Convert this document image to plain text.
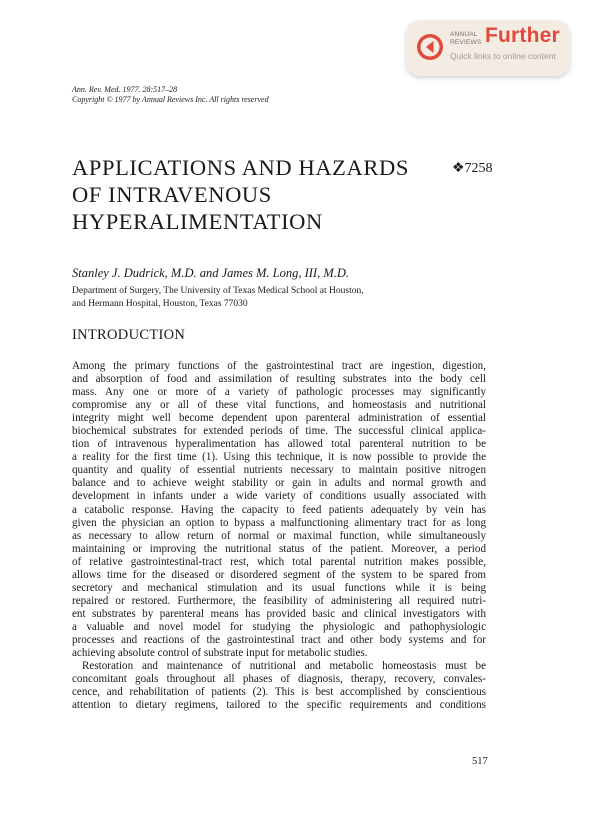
ANNUAL
REVIEWS Further
Quick links to online content
Ann. Rev. Med. 1977. 28:517–28
Copyright © 1977 by Annual Reviews Inc. All rights reserved
APPLICATIONS AND HAZARDS
OF INTRAVENOUS
HYPERALIMENTATION
❖7258
Stanley J. Dudrick, M.D. and James M. Long, III, M.D.
Department of Surgery, The University of Texas Medical School at Houston,
and Hermann Hospital, Houston, Texas 77030
INTRODUCTION
Among the primary functions of the gastrointestinal tract are ingestion, digestion,
and absorption of food and assimilation of resulting substrates into the body cell
mass. Any one or more of a variety of pathologic processes may significantly
compromise any or all of these vital functions, and homeostasis and nutritional
integrity might well become dependent upon parenteral administration of essential
biochemical substrates for extended periods of time. The successful clinical applica-
tion of intravenous hyperalimentation has allowed total parenteral nutrition to be
a reality for the first time (1). Using this technique, it is now possible to provide the
quantity and quality of essential nutrients necessary to maintain positive nitrogen
balance and to achieve weight stability or gain in adults and normal growth and
development in infants under a wide variety of conditions usually associated with
a catabolic response. Having the capacity to feed patients adequately by vein has
given the physician an option to bypass a malfunctioning alimentary tract for as long
as necessary to allow return of normal or maximal function, while simultaneously
maintaining or improving the nutritional status of the patient. Moreover, a period
of relative gastrointestinal-tract rest, which total parental nutrition makes possible,
allows time for the diseased or disordered segment of the system to be spared from
secretory and mechanical stimulation and its usual functions while it is being
repaired or restored. Furthermore, the feasibility of administering all required nutri-
ent substrates by parenteral means has provided basic and clinical investigators with
a valuable and novel model for studying the physiologic and pathophysiologic
processes and reactions of the gastrointestinal tract and other body systems and for
achieving absolute control of substrate input for metabolic studies.
Restoration and maintenance of nutritional and metabolic homeostasis must be
concomitant goals throughout all phases of diagnosis, therapy, recovery, convales-
cence, and rehabilitation of patients (2). This is best accomplished by conscientious
attention to dietary regimens, tailored to the specific requirements and conditions
517
